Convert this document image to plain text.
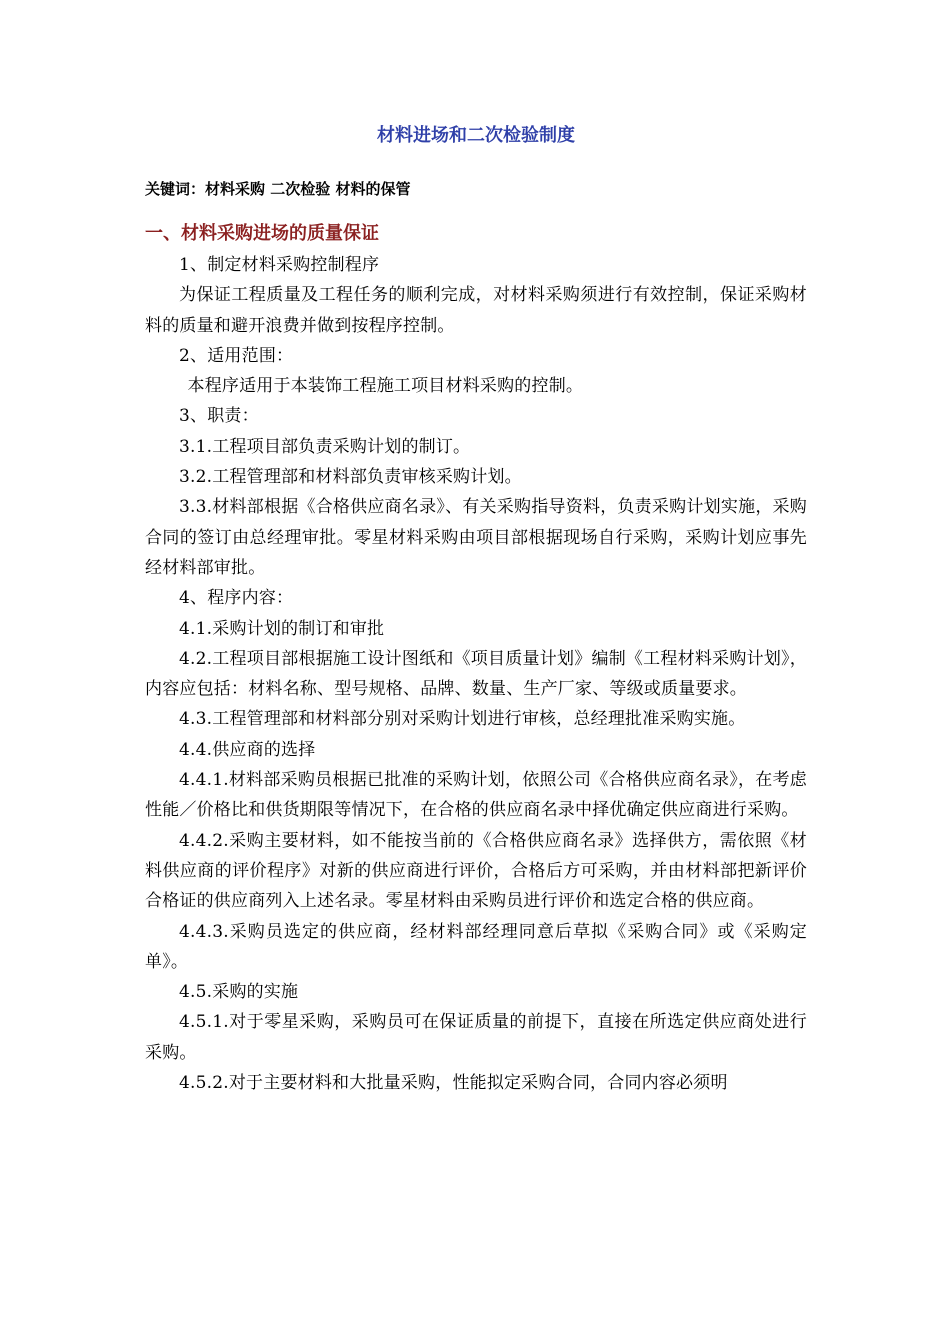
材料进场和二次检验制度
关键词：材料采购 二次检验 材料的保管
一、材料采购进场的质量保证

1、制定材料采购控制程序

为保证工程质量及工程任务的顺利完成，对材料采购须进行有效控制，保证采购材料的质量和避开浪费并做到按程序控制。

2、适用范围：

本程序适用于本装饰工程施工项目材料采购的控制。

3、职责：

3.1.工程项目部负责采购计划的制订。

3.2.工程管理部和材料部负责审核采购计划。

3.3.材料部根据《合格供应商名录》、有关采购指导资料，负责采购计划实施，采购合同的签订由总经理审批。零星材料采购由项目部根据现场自行采购，采购计划应事先经材料部审批。

4、程序内容：

4.1.采购计划的制订和审批

4.2.工程项目部根据施工设计图纸和《项目质量计划》编制《工程材料采购计划》，内容应包括：材料名称、型号规格、品牌、数量、生产厂家、等级或质量要求。

4.3.工程管理部和材料部分别对采购计划进行审核，总经理批准采购实施。

4.4.供应商的选择

4.4.1.材料部采购员根据已批准的采购计划，依照公司《合格供应商名录》，在考虑性能／价格比和供货期限等情况下，在合格的供应商名录中择优确定供应商进行采购。

4.4.2.采购主要材料，如不能按当前的《合格供应商名录》选择供方，需依照《材料供应商的评价程序》对新的供应商进行评价，合格后方可采购，并由材料部把新评价合格证的供应商列入上述名录。零星材料由采购员进行评价和选定合格的供应商。

4.4.3.采购员选定的供应商，经材料部经理同意后草拟《采购合同》或《采购定单》。

4.5.采购的实施

4.5.1.对于零星采购，采购员可在保证质量的前提下，直接在所选定供应商处进行采购。

4.5.2.对于主要材料和大批量采购，性能拟定采购合同，合同内容必须明
